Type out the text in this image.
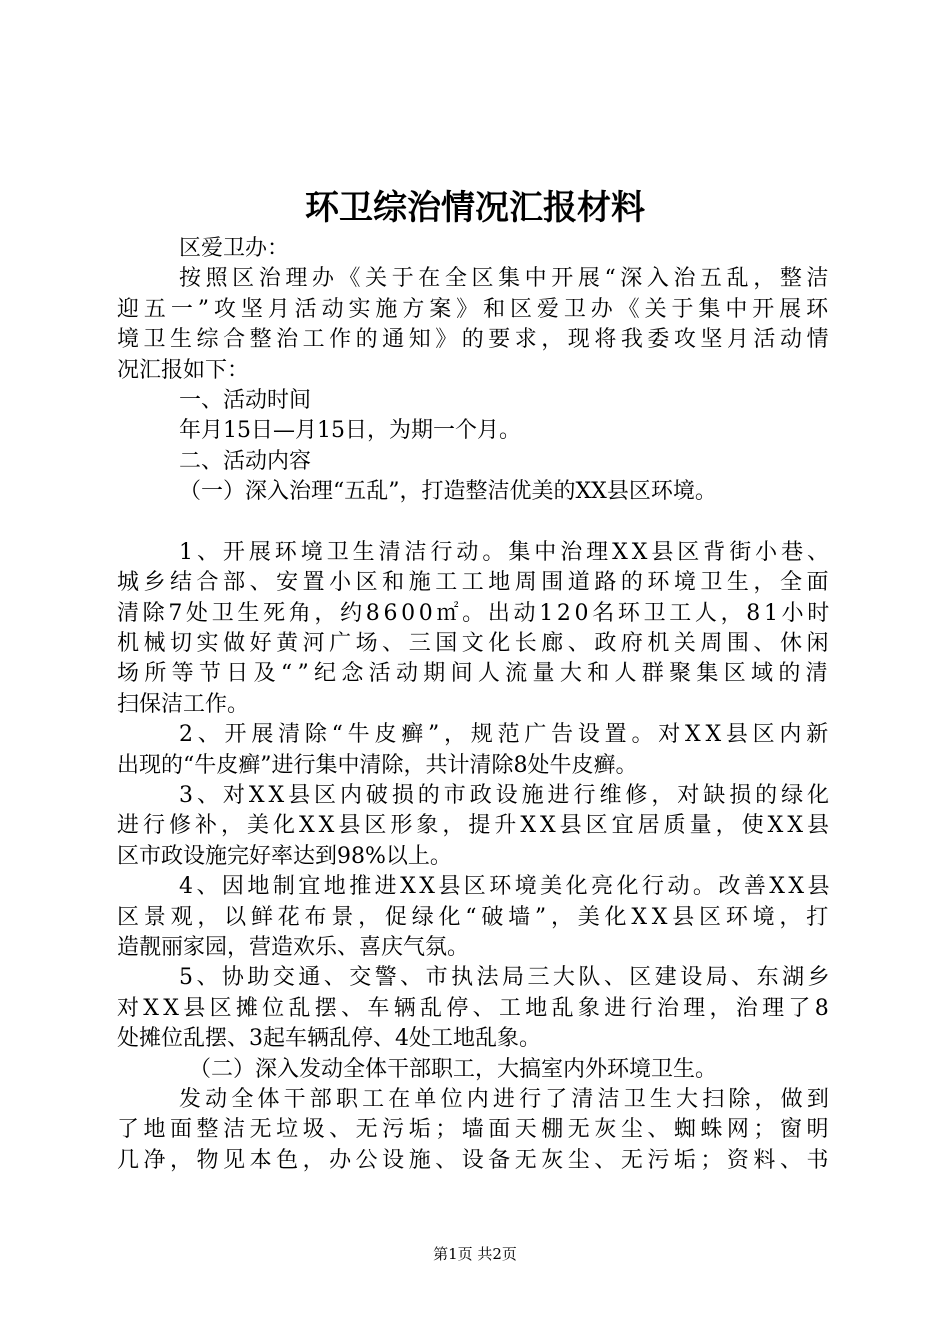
环卫综治情况汇报材料
区爱卫办：
按照区治理办《关于在全区集中开展“深入治五乱，整洁
迎五一”攻坚月活动实施方案》和区爱卫办《关于集中开展环
境卫生综合整治工作的通知》的要求，现将我委攻坚月活动情
况汇报如下：
一、活动时间
年月15日—月15日，为期一个月。
二、活动内容
（一）深入治理“五乱”，打造整洁优美的XX县区环境。
1、开展环境卫生清洁行动。集中治理XX县区背街小巷、
城乡结合部、安置小区和施工工地周围道路的环境卫生，全面
清除7处卫生死角，约8600㎡。出动120名环卫工人，81小时
机械切实做好黄河广场、三国文化长廊、政府机关周围、休闲
场所等节日及“”纪念活动期间人流量大和人群聚集区域的清
扫保洁工作。
2、开展清除“牛皮癣”，规范广告设置。对XX县区内新
出现的“牛皮癣”进行集中清除，共计清除8处牛皮癣。
3、对XX县区内破损的市政设施进行维修，对缺损的绿化
进行修补，美化XX县区形象，提升XX县区宜居质量，使XX县
区市政设施完好率达到98%以上。
4、因地制宜地推进XX县区环境美化亮化行动。改善XX县
区景观，以鲜花布景，促绿化“破墙”，美化XX县区环境，打
造靓丽家园，营造欢乐、喜庆气氛。
5、协助交通、交警、市执法局三大队、区建设局、东湖乡
对XX县区摊位乱摆、车辆乱停、工地乱象进行治理，治理了8
处摊位乱摆、3起车辆乱停、4处工地乱象。
（二）深入发动全体干部职工，大搞室内外环境卫生。
发动全体干部职工在单位内进行了清洁卫生大扫除，做到
了地面整洁无垃圾、无污垢；墙面天棚无灰尘、蜘蛛网；窗明
几净，物见本色，办公设施、设备无灰尘、无污垢；资料、书
第1页 共2页
